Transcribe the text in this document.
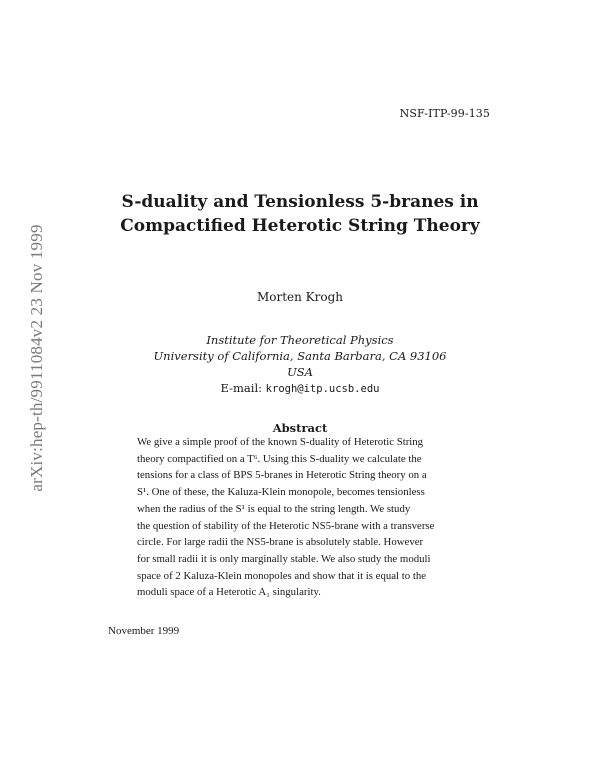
NSF-ITP-99-135
arXiv:hep-th/9911084v2 23 Nov 1999
S-duality and Tensionless 5-branes in
Compactified Heterotic String Theory
Morten Krogh
Institute for Theoretical Physics
University of California, Santa Barbara, CA 93106
USA
E-mail: krogh@itp.ucsb.edu
Abstract
We give a simple proof of the known S-duality of Heterotic String
theory compactified on a T⁶. Using this S-duality we calculate the
tensions for a class of BPS 5-branes in Heterotic String theory on a
S¹. One of these, the Kaluza-Klein monopole, becomes tensionless
when the radius of the S¹ is equal to the string length. We study
the question of stability of the Heterotic NS5-brane with a transverse
circle. For large radii the NS5-brane is absolutely stable. However
for small radii it is only marginally stable. We also study the moduli
space of 2 Kaluza-Klein monopoles and show that it is equal to the
moduli space of a Heterotic A₁ singularity.
November 1999
